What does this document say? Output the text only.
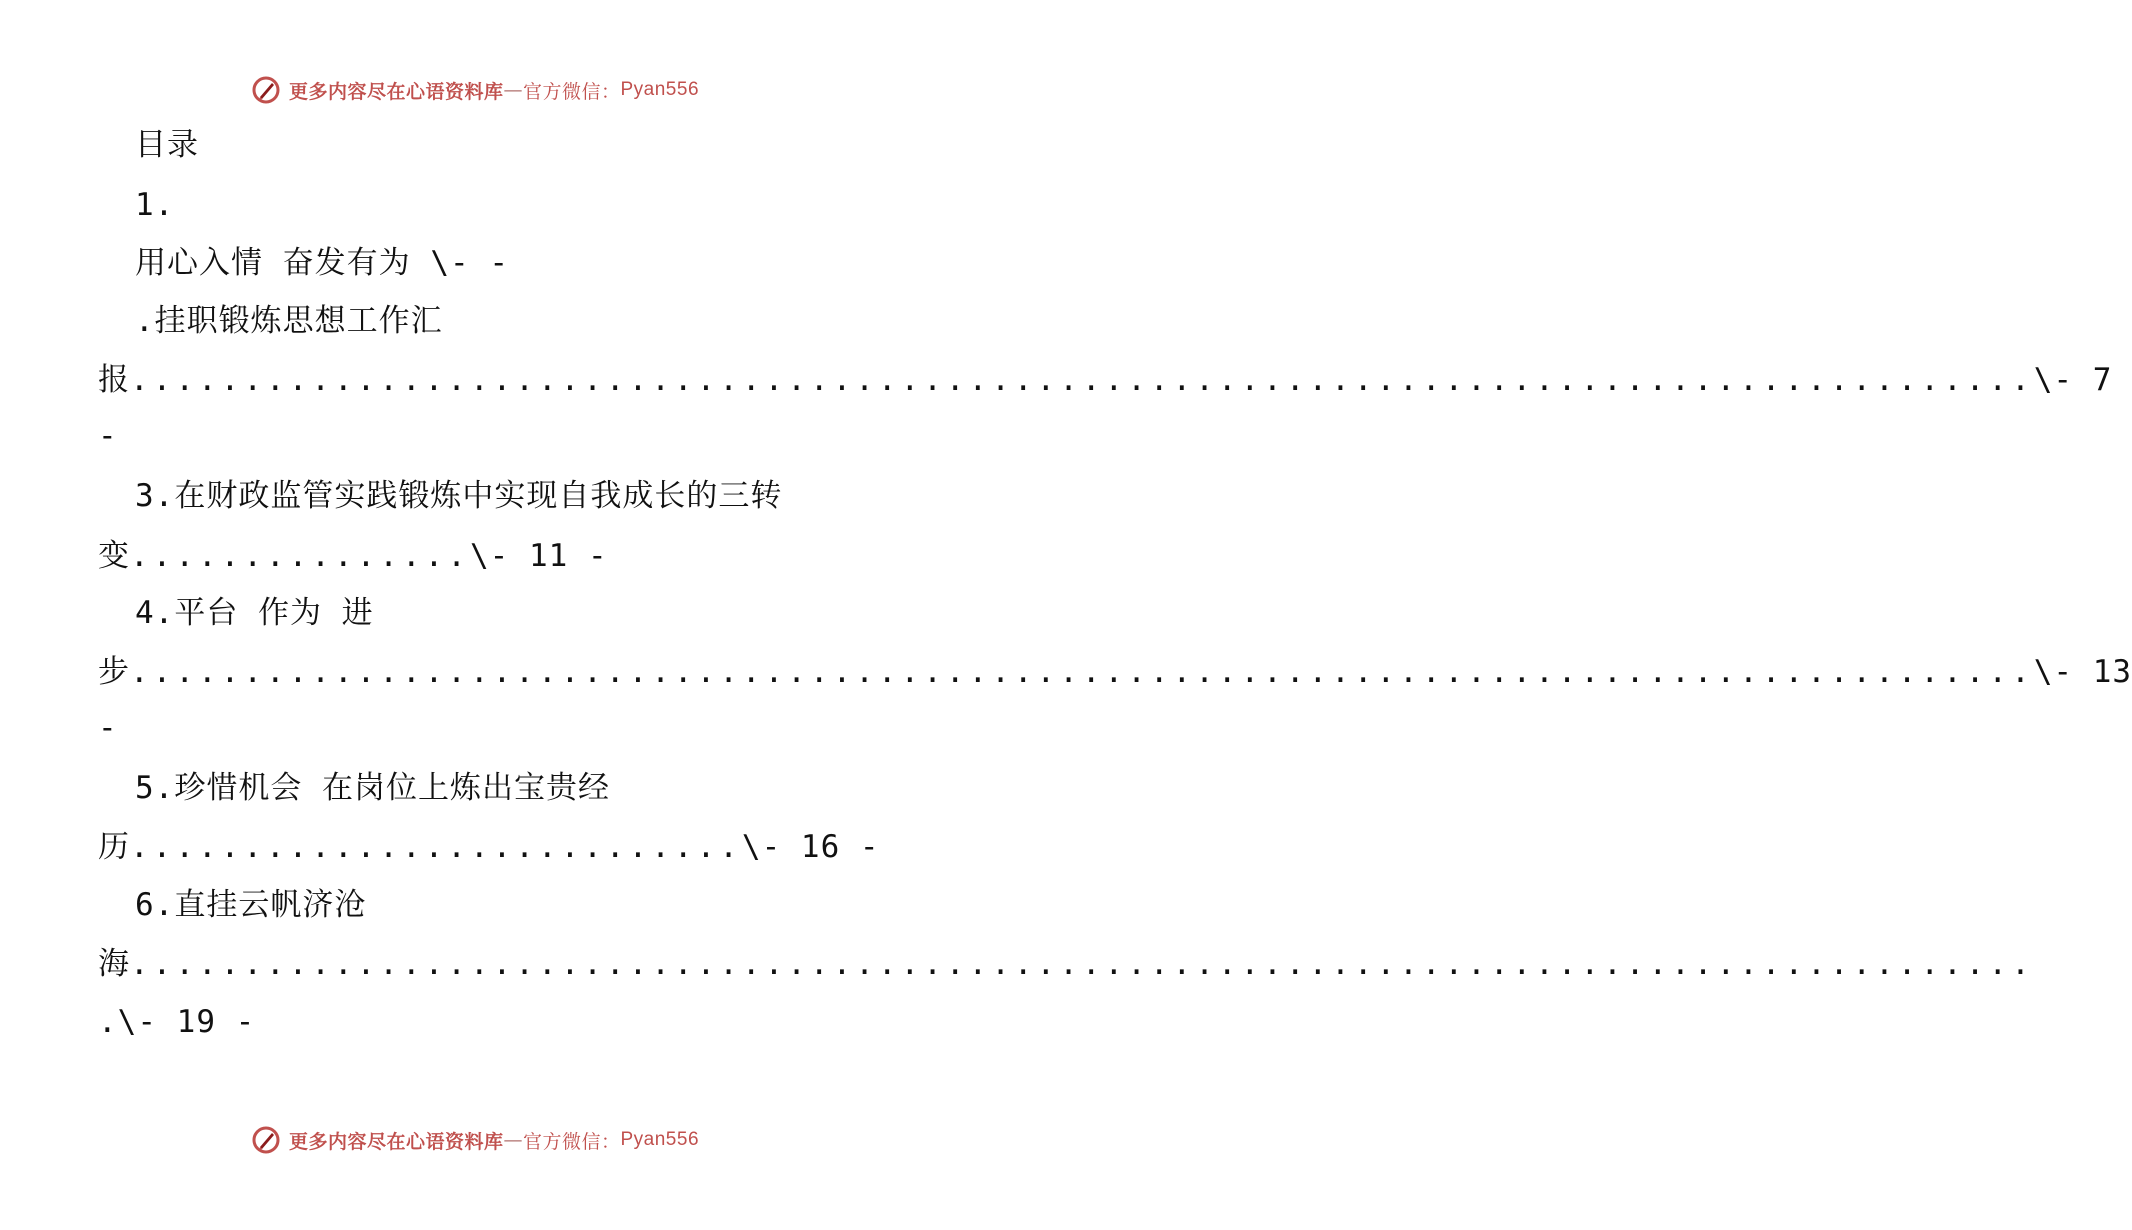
更多内容尽在心语资料库 — 官方微信： Pyan556
目录
1.
用心入情 奋发有为 \- -
.挂职锻炼思想工作汇
报 .................................................................................... \- 7
-
3.在财政监管实践锻炼中实现自我成长的三转
变...............\- 11 -
4.平台 作为 进
步 .................................................................................... \- 13
-
5.珍惜机会 在岗位上炼出宝贵经
历...........................\- 16 -
6.直挂云帆济沧
海 ....................................................................................
.\- 19 -
更多内容尽在心语资料库 — 官方微信： Pyan556
